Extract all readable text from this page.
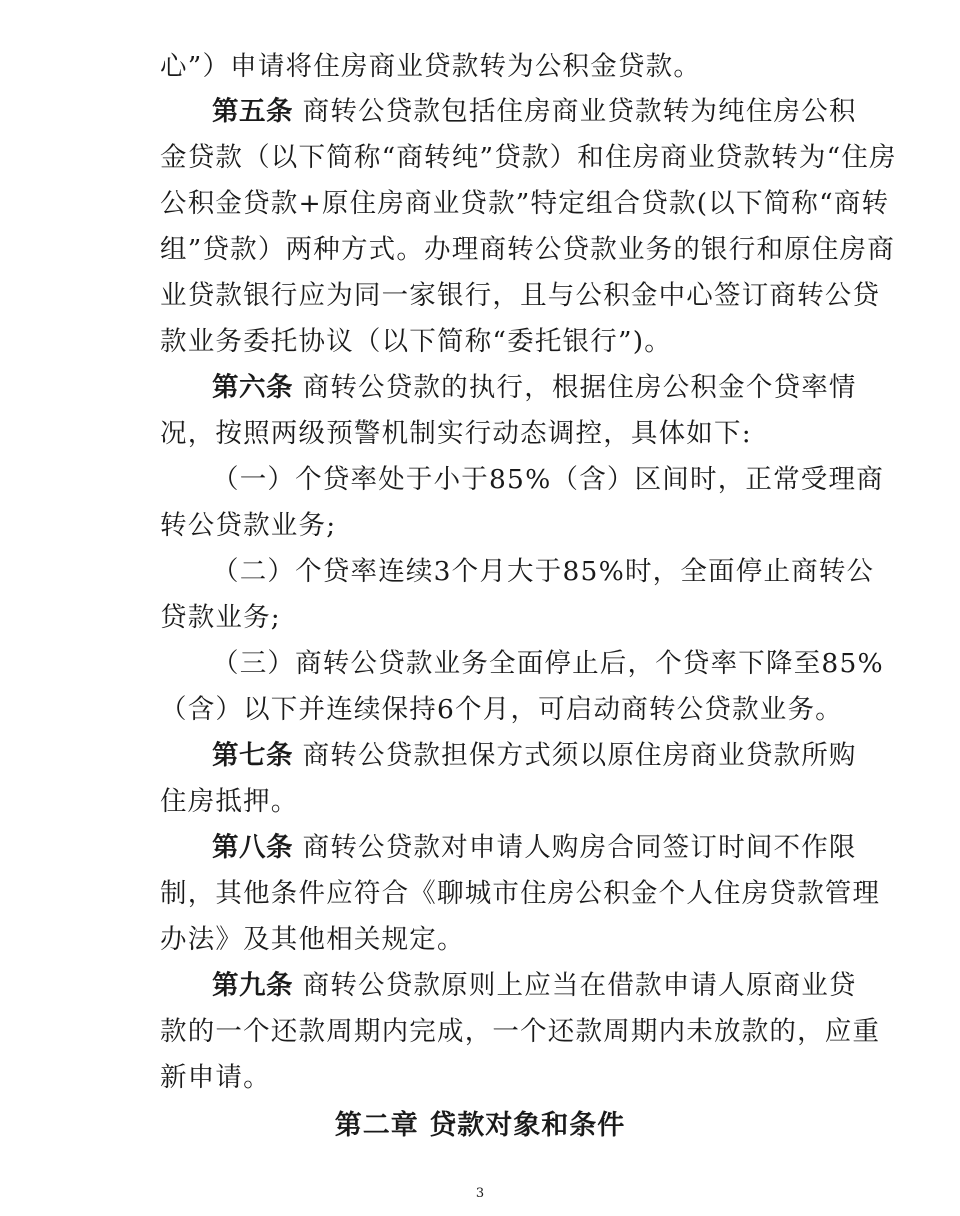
心”）申请将住房商业贷款转为公积金贷款。
第五条 商转公贷款包括住房商业贷款转为纯住房公积
金贷款（以下简称“商转纯”贷款）和住房商业贷款转为“住房
公积金贷款+原住房商业贷款”特定组合贷款(以下简称“商转
组”贷款）两种方式。办理商转公贷款业务的银行和原住房商
业贷款银行应为同一家银行，且与公积金中心签订商转公贷
款业务委托协议（以下简称“委托银行”)。
第六条 商转公贷款的执行，根据住房公积金个贷率情
况，按照两级预警机制实行动态调控，具体如下:
（一）个贷率处于小于85%（含）区间时，正常受理商
转公贷款业务;
（二）个贷率连续3个月大于85%时，全面停止商转公
贷款业务;
（三）商转公贷款业务全面停止后，个贷率下降至85%
（含）以下并连续保持6个月，可启动商转公贷款业务。
第七条 商转公贷款担保方式须以原住房商业贷款所购
住房抵押。
第八条 商转公贷款对申请人购房合同签订时间不作限
制，其他条件应符合《聊城市住房公积金个人住房贷款管理
办法》及其他相关规定。
第九条 商转公贷款原则上应当在借款申请人原商业贷
款的一个还款周期内完成，一个还款周期内未放款的，应重
新申请。
第二章 贷款对象和条件
3
